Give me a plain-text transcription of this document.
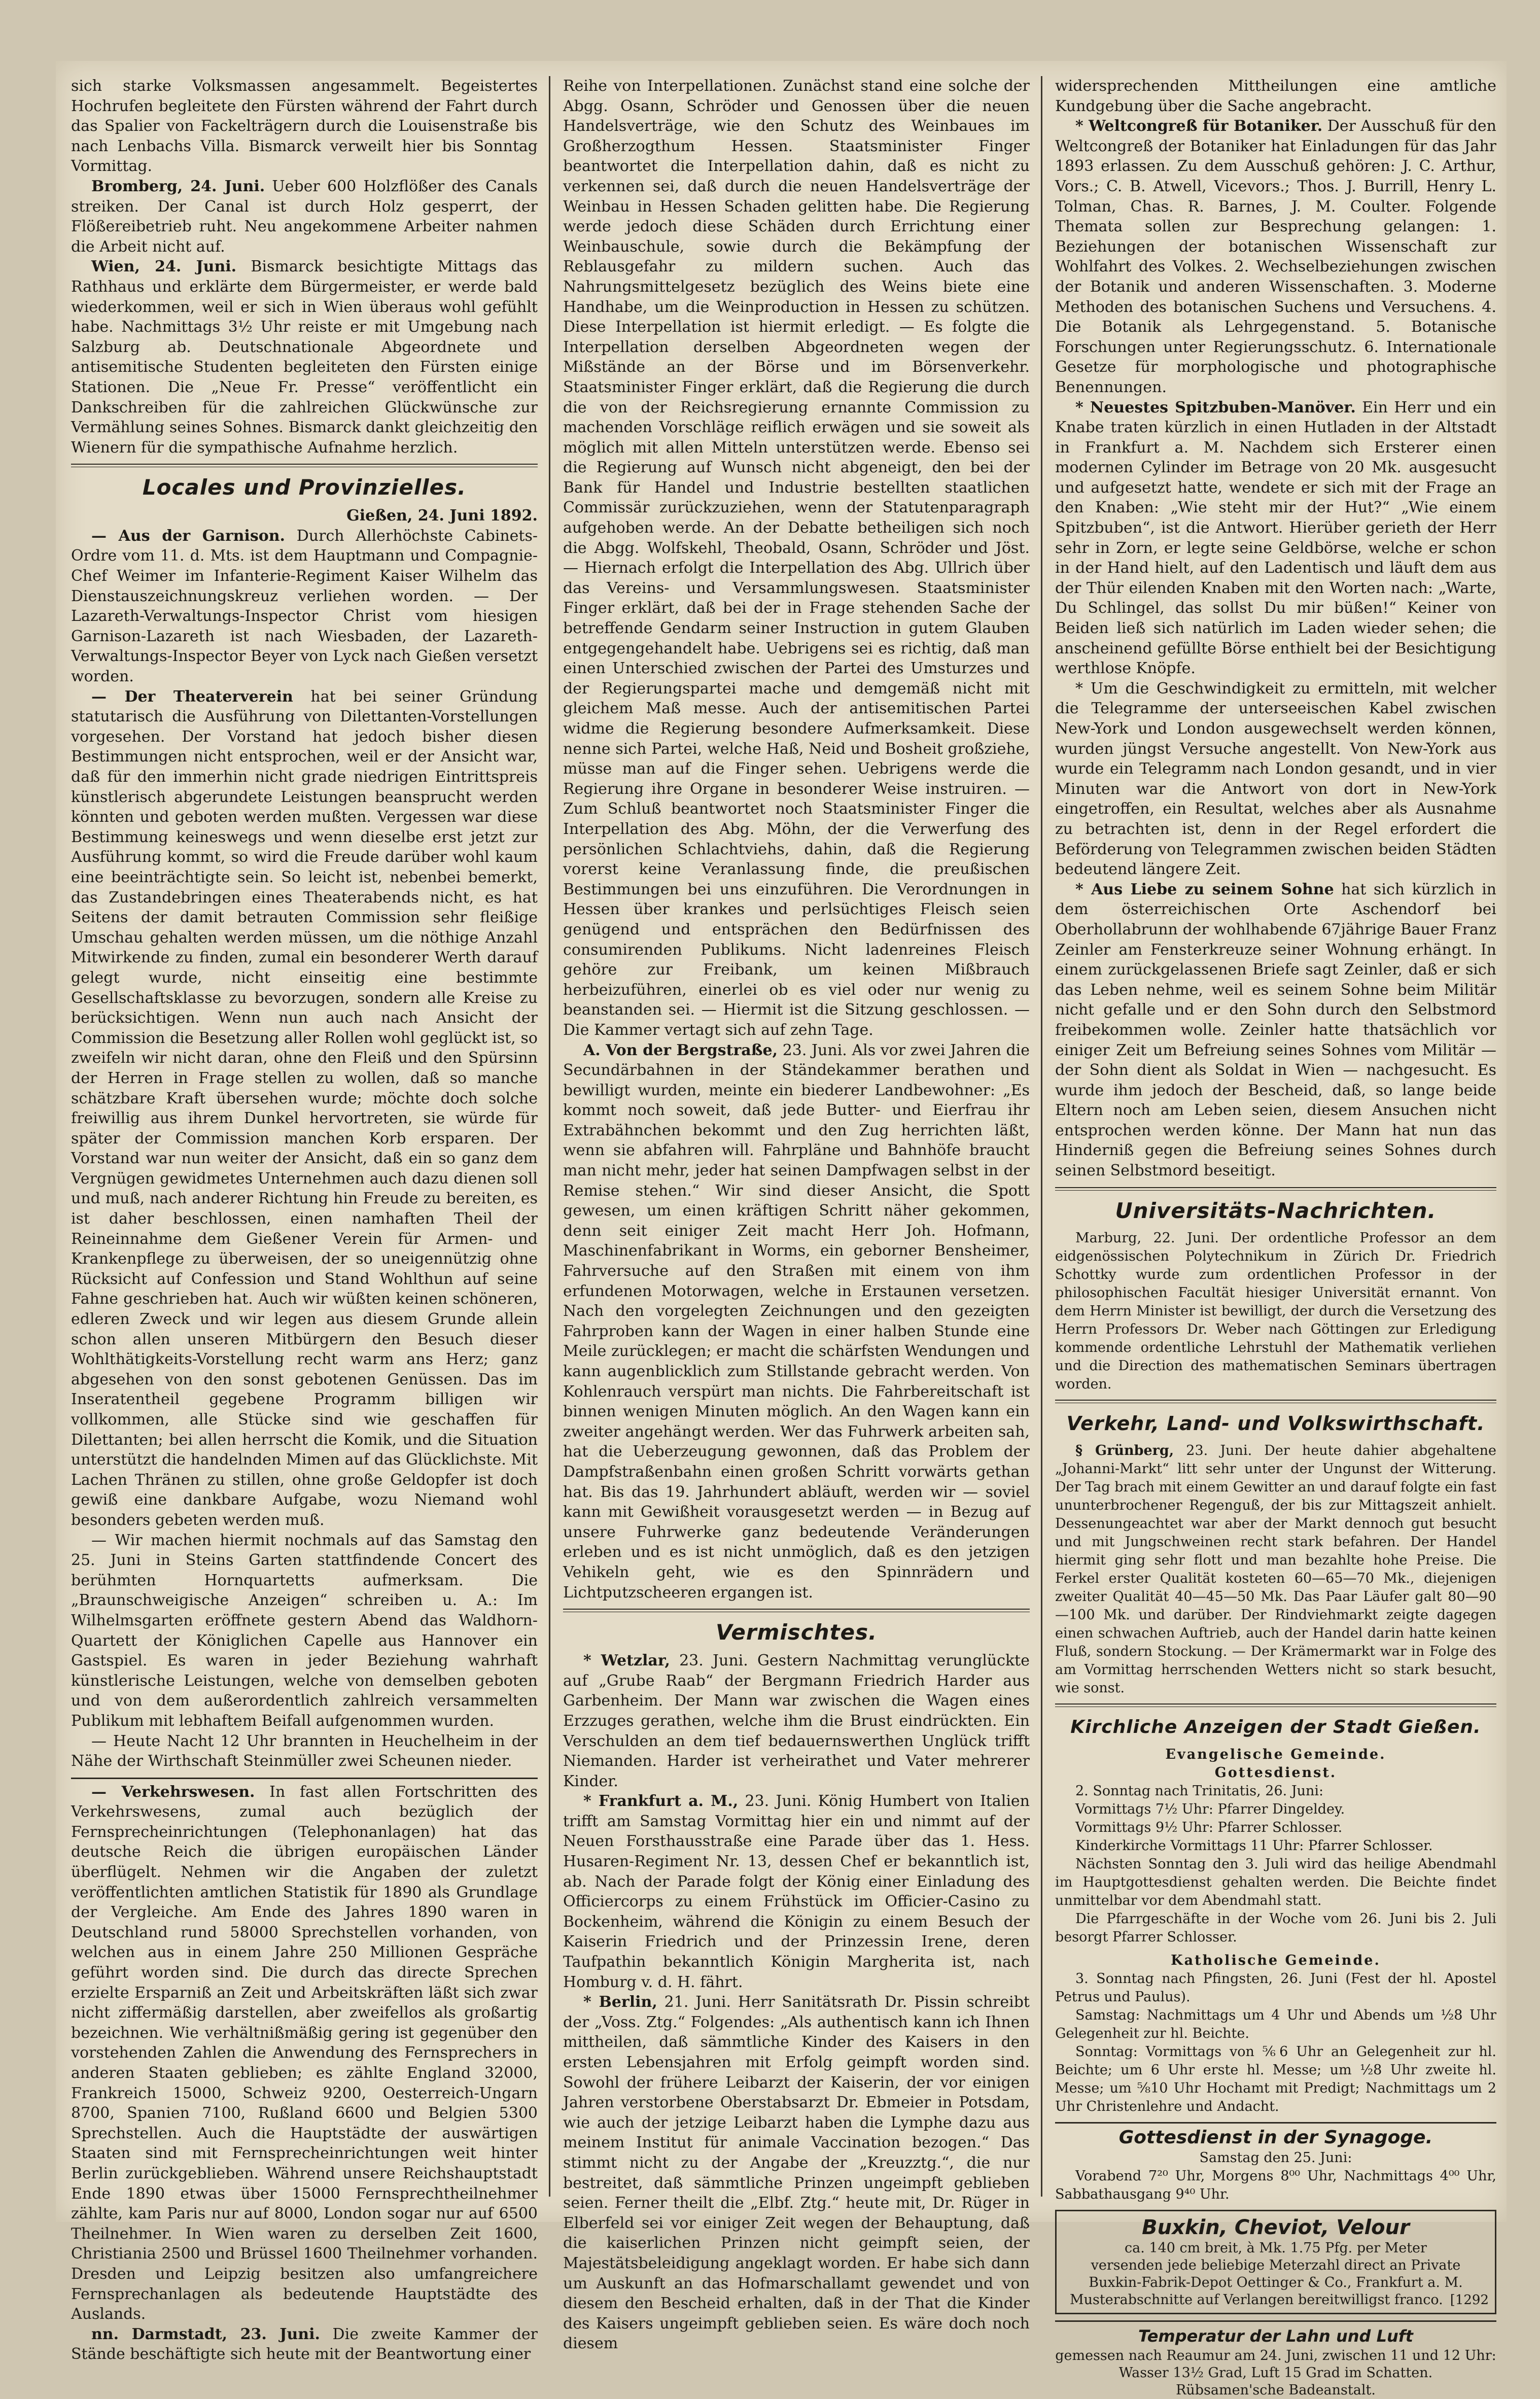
sich starke Volksmassen angesammelt. Begeistertes Hochrufen begleitete den Fürsten während der Fahrt durch das Spalier von Fackelträgern durch die Louisenstraße bis nach Lenbachs Villa. Bismarck verweilt hier bis Sonntag Vormittag.

Bromberg, 24. Juni. Ueber 600 Holzflößer des Canals streiken. Der Canal ist durch Holz gesperrt, der Flößereibetrieb ruht. Neu angekommene Arbeiter nahmen die Arbeit nicht auf.

Wien, 24. Juni. Bismarck besichtigte Mittags das Rathhaus und erklärte dem Bürgermeister, er werde bald wiederkommen, weil er sich in Wien überaus wohl gefühlt habe. Nachmittags 3½ Uhr reiste er mit Umgebung nach Salzburg ab. Deutschnationale Abgeordnete und antisemitische Studenten begleiteten den Fürsten einige Stationen. Die „Neue Fr. Presse“ veröffentlicht ein Dankschreiben für die zahlreichen Glückwünsche zur Vermählung seines Sohnes. Bismarck dankt gleichzeitig den Wienern für die sympathische Aufnahme herzlich.

Locales und Provinzielles.
Gießen, 24. Juni 1892.

— Aus der Garnison. Durch Allerhöchste Cabinets-Ordre vom 11. d. Mts. ist dem Hauptmann und Compagnie-Chef Weimer im Infanterie-Regiment Kaiser Wilhelm das Dienstauszeichnungskreuz verliehen worden. — Der Lazareth-Verwaltungs-Inspector Christ vom hiesigen Garnison-Lazareth ist nach Wiesbaden, der Lazareth-Verwaltungs-Inspector Beyer von Lyck nach Gießen versetzt worden.

— Der Theaterverein hat bei seiner Gründung statutarisch die Ausführung von Dilettanten-Vorstellungen vorgesehen. Der Vorstand hat jedoch bisher diesen Bestimmungen nicht entsprochen, weil er der Ansicht war, daß für den immerhin nicht grade niedrigen Eintrittspreis künstlerisch abgerundete Leistungen beansprucht werden könnten und geboten werden mußten. Vergessen war diese Bestimmung keineswegs und wenn dieselbe erst jetzt zur Ausführung kommt, so wird die Freude darüber wohl kaum eine beeinträchtigte sein. So leicht ist, nebenbei bemerkt, das Zustandebringen eines Theaterabends nicht, es hat Seitens der damit betrauten Commission sehr fleißige Umschau gehalten werden müssen, um die nöthige Anzahl Mitwirkende zu finden, zumal ein besonderer Werth darauf gelegt wurde, nicht einseitig eine bestimmte Gesellschaftsklasse zu bevorzugen, sondern alle Kreise zu berücksichtigen. Wenn nun auch nach Ansicht der Commission die Besetzung aller Rollen wohl geglückt ist, so zweifeln wir nicht daran, ohne den Fleiß und den Spürsinn der Herren in Frage stellen zu wollen, daß so manche schätzbare Kraft übersehen wurde; möchte doch solche freiwillig aus ihrem Dunkel hervortreten, sie würde für später der Commission manchen Korb ersparen. Der Vorstand war nun weiter der Ansicht, daß ein so ganz dem Vergnügen gewidmetes Unternehmen auch dazu dienen soll und muß, nach anderer Richtung hin Freude zu bereiten, es ist daher beschlossen, einen namhaften Theil der Reineinnahme dem Gießener Verein für Armen- und Krankenpflege zu überweisen, der so uneigennützig ohne Rücksicht auf Confession und Stand Wohlthun auf seine Fahne geschrieben hat. Auch wir wüßten keinen schöneren, edleren Zweck und wir legen aus diesem Grunde allein schon allen unseren Mitbürgern den Besuch dieser Wohlthätigkeits-Vorstellung recht warm ans Herz; ganz abgesehen von den sonst gebotenen Genüssen. Das im Inseratentheil gegebene Programm billigen wir vollkommen, alle Stücke sind wie geschaffen für Dilettanten; bei allen herrscht die Komik, und die Situation unterstützt die handelnden Mimen auf das Glücklichste. Mit Lachen Thränen zu stillen, ohne große Geldopfer ist doch gewiß eine dankbare Aufgabe, wozu Niemand wohl besonders gebeten werden muß.

— Wir machen hiermit nochmals auf das Samstag den 25. Juni in Steins Garten stattfindende Concert des berühmten Hornquartetts aufmerksam. Die „Braunschweigische Anzeigen“ schreiben u. A.: Im Wilhelmsgarten eröffnete gestern Abend das Waldhorn-Quartett der Königlichen Capelle aus Hannover ein Gastspiel. Es waren in jeder Beziehung wahrhaft künstlerische Leistungen, welche von demselben geboten und von dem außerordentlich zahlreich versammelten Publikum mit lebhaftem Beifall aufgenommen wurden.

— Heute Nacht 12 Uhr brannten in Heuchelheim in der Nähe der Wirthschaft Steinmüller zwei Scheunen nieder.

— Verkehrswesen. In fast allen Fortschritten des Verkehrswesens, zumal auch bezüglich der Fernsprecheinrichtungen (Telephonanlagen) hat das deutsche Reich die übrigen europäischen Länder überflügelt. Nehmen wir die Angaben der zuletzt veröffentlichten amtlichen Statistik für 1890 als Grundlage der Vergleiche. Am Ende des Jahres 1890 waren in Deutschland rund 58000 Sprechstellen vorhanden, von welchen aus in einem Jahre 250 Millionen Gespräche geführt worden sind. Die durch das directe Sprechen erzielte Ersparniß an Zeit und Arbeitskräften läßt sich zwar nicht ziffermäßig darstellen, aber zweifellos als großartig bezeichnen. Wie verhältnißmäßig gering ist gegenüber den vorstehenden Zahlen die Anwendung des Fernsprechers in anderen Staaten geblieben; es zählte England 32000, Frankreich 15000, Schweiz 9200, Oesterreich-Ungarn 8700, Spanien 7100, Rußland 6600 und Belgien 5300 Sprechstellen. Auch die Hauptstädte der auswärtigen Staaten sind mit Fernsprecheinrichtungen weit hinter Berlin zurückgeblieben. Während unsere Reichshauptstadt Ende 1890 etwas über 15000 Fernsprechtheilnehmer zählte, kam Paris nur auf 8000, London sogar nur auf 6500 Theilnehmer. In Wien waren zu derselben Zeit 1600, Christiania 2500 und Brüssel 1600 Theilnehmer vorhanden. Dresden und Leipzig besitzen also umfangreichere Fernsprechanlagen als bedeutende Hauptstädte des Auslands.

nn. Darmstadt, 23. Juni. Die zweite Kammer der Stände beschäftigte sich heute mit der Beantwortung einer

Reihe von Interpellationen. Zunächst stand eine solche der Abgg. Osann, Schröder und Genossen über die neuen Handelsverträge, wie den Schutz des Weinbaues im Großherzogthum Hessen. Staatsminister Finger beantwortet die Interpellation dahin, daß es nicht zu verkennen sei, daß durch die neuen Handelsverträge der Weinbau in Hessen Schaden gelitten habe. Die Regierung werde jedoch diese Schäden durch Errichtung einer Weinbauschule, sowie durch die Bekämpfung der Reblausgefahr zu mildern suchen. Auch das Nahrungsmittelgesetz bezüglich des Weins biete eine Handhabe, um die Weinproduction in Hessen zu schützen. Diese Interpellation ist hiermit erledigt. — Es folgte die Interpellation derselben Abgeordneten wegen der Mißstände an der Börse und im Börsenverkehr. Staatsminister Finger erklärt, daß die Regierung die durch die von der Reichsregierung ernannte Commission zu machenden Vorschläge reiflich erwägen und sie soweit als möglich mit allen Mitteln unterstützen werde. Ebenso sei die Regierung auf Wunsch nicht abgeneigt, den bei der Bank für Handel und Industrie bestellten staatlichen Commissär zurückzuziehen, wenn der Statutenparagraph aufgehoben werde. An der Debatte betheiligen sich noch die Abgg. Wolfskehl, Theobald, Osann, Schröder und Jöst. — Hiernach erfolgt die Interpellation des Abg. Ullrich über das Vereins- und Versammlungswesen. Staatsminister Finger erklärt, daß bei der in Frage stehenden Sache der betreffende Gendarm seiner Instruction in gutem Glauben entgegengehandelt habe. Uebrigens sei es richtig, daß man einen Unterschied zwischen der Partei des Umsturzes und der Regierungspartei mache und demgemäß nicht mit gleichem Maß messe. Auch der antisemitischen Partei widme die Regierung besondere Aufmerksamkeit. Diese nenne sich Partei, welche Haß, Neid und Bosheit großziehe, müsse man auf die Finger sehen. Uebrigens werde die Regierung ihre Organe in besonderer Weise instruiren. — Zum Schluß beantwortet noch Staatsminister Finger die Interpellation des Abg. Möhn, der die Verwerfung des persönlichen Schlachtviehs, dahin, daß die Regierung vorerst keine Veranlassung finde, die preußischen Bestimmungen bei uns einzuführen. Die Verordnungen in Hessen über krankes und perlsüchtiges Fleisch seien genügend und entsprächen den Bedürfnissen des consumirenden Publikums. Nicht ladenreines Fleisch gehöre zur Freibank, um keinen Mißbrauch herbeizuführen, einerlei ob es viel oder nur wenig zu beanstanden sei. — Hiermit ist die Sitzung geschlossen. — Die Kammer vertagt sich auf zehn Tage.

A. Von der Bergstraße, 23. Juni. Als vor zwei Jahren die Secundärbahnen in der Ständekammer berathen und bewilligt wurden, meinte ein biederer Landbewohner: „Es kommt noch soweit, daß jede Butter- und Eierfrau ihr Extrabähnchen bekommt und den Zug herrichten läßt, wenn sie abfahren will. Fahrpläne und Bahnhöfe braucht man nicht mehr, jeder hat seinen Dampfwagen selbst in der Remise stehen.“ Wir sind dieser Ansicht, die Spott gewesen, um einen kräftigen Schritt näher gekommen, denn seit einiger Zeit macht Herr Joh. Hofmann, Maschinenfabrikant in Worms, ein geborner Bensheimer, Fahrversuche auf den Straßen mit einem von ihm erfundenen Motorwagen, welche in Erstaunen versetzen. Nach den vorgelegten Zeichnungen und den gezeigten Fahrproben kann der Wagen in einer halben Stunde eine Meile zurücklegen; er macht die schärfsten Wendungen und kann augenblicklich zum Stillstande gebracht werden. Von Kohlenrauch verspürt man nichts. Die Fahrbereitschaft ist binnen wenigen Minuten möglich. An den Wagen kann ein zweiter angehängt werden. Wer das Fuhrwerk arbeiten sah, hat die Ueberzeugung gewonnen, daß das Problem der Dampfstraßenbahn einen großen Schritt vorwärts gethan hat. Bis das 19. Jahrhundert abläuft, werden wir — soviel kann mit Gewißheit vorausgesetzt werden — in Bezug auf unsere Fuhrwerke ganz bedeutende Veränderungen erleben und es ist nicht unmöglich, daß es den jetzigen Vehikeln geht, wie es den Spinnrädern und Lichtputzscheeren ergangen ist.

Vermischtes.

* Wetzlar, 23. Juni. Gestern Nachmittag verunglückte auf „Grube Raab“ der Bergmann Friedrich Harder aus Garbenheim. Der Mann war zwischen die Wagen eines Erzzuges gerathen, welche ihm die Brust eindrückten. Ein Verschulden an dem tief bedauernswerthen Unglück trifft Niemanden. Harder ist verheirathet und Vater mehrerer Kinder.

* Frankfurt a. M., 23. Juni. König Humbert von Italien trifft am Samstag Vormittag hier ein und nimmt auf der Neuen Forsthausstraße eine Parade über das 1. Hess. Husaren-Regiment Nr. 13, dessen Chef er bekanntlich ist, ab. Nach der Parade folgt der König einer Einladung des Officiercorps zu einem Frühstück im Officier-Casino zu Bockenheim, während die Königin zu einem Besuch der Kaiserin Friedrich und der Prinzessin Irene, deren Taufpathin bekanntlich Königin Margherita ist, nach Homburg v. d. H. fährt.

* Berlin, 21. Juni. Herr Sanitätsrath Dr. Pissin schreibt der „Voss. Ztg.“ Folgendes: „Als authentisch kann ich Ihnen mittheilen, daß sämmtliche Kinder des Kaisers in den ersten Lebensjahren mit Erfolg geimpft worden sind. Sowohl der frühere Leibarzt der Kaiserin, der vor einigen Jahren verstorbene Oberstabsarzt Dr. Ebmeier in Potsdam, wie auch der jetzige Leibarzt haben die Lymphe dazu aus meinem Institut für animale Vaccination bezogen.“ Das stimmt nicht zu der Angabe der „Kreuzztg.“, die nur bestreitet, daß sämmtliche Prinzen ungeimpft geblieben seien. Ferner theilt die „Elbf. Ztg.“ heute mit, Dr. Rüger in Elberfeld sei vor einiger Zeit wegen der Behauptung, daß die kaiserlichen Prinzen nicht geimpft seien, der Majestätsbeleidigung angeklagt worden. Er habe sich dann um Auskunft an das Hofmarschallamt gewendet und von diesem den Bescheid erhalten, daß in der That die Kinder des Kaisers ungeimpft geblieben seien. Es wäre doch noch diesem

widersprechenden Mittheilungen eine amtliche Kundgebung über die Sache angebracht.

* Weltcongreß für Botaniker. Der Ausschuß für den Weltcongreß der Botaniker hat Einladungen für das Jahr 1893 erlassen. Zu dem Ausschuß gehören: J. C. Arthur, Vors.; C. B. Atwell, Vicevors.; Thos. J. Burrill, Henry L. Tolman, Chas. R. Barnes, J. M. Coulter. Folgende Themata sollen zur Besprechung gelangen: 1. Beziehungen der botanischen Wissenschaft zur Wohlfahrt des Volkes. 2. Wechselbeziehungen zwischen der Botanik und anderen Wissenschaften. 3. Moderne Methoden des botanischen Suchens und Versuchens. 4. Die Botanik als Lehrgegenstand. 5. Botanische Forschungen unter Regierungsschutz. 6. Internationale Gesetze für morphologische und photographische Benennungen.

* Neuestes Spitzbuben-Manöver. Ein Herr und ein Knabe traten kürzlich in einen Hutladen in der Altstadt in Frankfurt a. M. Nachdem sich Ersterer einen modernen Cylinder im Betrage von 20 Mk. ausgesucht und aufgesetzt hatte, wendete er sich mit der Frage an den Knaben: „Wie steht mir der Hut?“ „Wie einem Spitzbuben“, ist die Antwort. Hierüber gerieth der Herr sehr in Zorn, er legte seine Geldbörse, welche er schon in der Hand hielt, auf den Ladentisch und läuft dem aus der Thür eilenden Knaben mit den Worten nach: „Warte, Du Schlingel, das sollst Du mir büßen!“ Keiner von Beiden ließ sich natürlich im Laden wieder sehen; die anscheinend gefüllte Börse enthielt bei der Besichtigung werthlose Knöpfe.

* Um die Geschwindigkeit zu ermitteln, mit welcher die Telegramme der unterseeischen Kabel zwischen New-York und London ausgewechselt werden können, wurden jüngst Versuche angestellt. Von New-York aus wurde ein Telegramm nach London gesandt, und in vier Minuten war die Antwort von dort in New-York eingetroffen, ein Resultat, welches aber als Ausnahme zu betrachten ist, denn in der Regel erfordert die Beförderung von Telegrammen zwischen beiden Städten bedeutend längere Zeit.

* Aus Liebe zu seinem Sohne hat sich kürzlich in dem österreichischen Orte Aschendorf bei Oberhollabrunn der wohlhabende 67jährige Bauer Franz Zeinler am Fensterkreuze seiner Wohnung erhängt. In einem zurückgelassenen Briefe sagt Zeinler, daß er sich das Leben nehme, weil es seinem Sohne beim Militär nicht gefalle und er den Sohn durch den Selbstmord freibekommen wolle. Zeinler hatte thatsächlich vor einiger Zeit um Befreiung seines Sohnes vom Militär — der Sohn dient als Soldat in Wien — nachgesucht. Es wurde ihm jedoch der Bescheid, daß, so lange beide Eltern noch am Leben seien, diesem Ansuchen nicht entsprochen werden könne. Der Mann hat nun das Hinderniß gegen die Befreiung seines Sohnes durch seinen Selbstmord beseitigt.

Universitäts-Nachrichten.

Marburg, 22. Juni. Der ordentliche Professor an dem eidgenössischen Polytechnikum in Zürich Dr. Friedrich Schottky wurde zum ordentlichen Professor in der philosophischen Facultät hiesiger Universität ernannt. Von dem Herrn Minister ist bewilligt, der durch die Versetzung des Herrn Professors Dr. Weber nach Göttingen zur Erledigung kommende ordentliche Lehrstuhl der Mathematik verliehen und die Direction des mathematischen Seminars übertragen worden.

Verkehr, Land- und Volkswirthschaft.

§ Grünberg, 23. Juni. Der heute dahier abgehaltene „Johanni-Markt“ litt sehr unter der Ungunst der Witterung. Der Tag brach mit einem Gewitter an und darauf folgte ein fast ununterbrochener Regenguß, der bis zur Mittagszeit anhielt. Dessenungeachtet war aber der Markt dennoch gut besucht und mit Jungschweinen recht stark befahren. Der Handel hiermit ging sehr flott und man bezahlte hohe Preise. Die Ferkel erster Qualität kosteten 60—65—70 Mk., diejenigen zweiter Qualität 40—45—50 Mk. Das Paar Läufer galt 80—90—100 Mk. und darüber. Der Rindviehmarkt zeigte dagegen einen schwachen Auftrieb, auch der Handel darin hatte keinen Fluß, sondern Stockung. — Der Krämermarkt war in Folge des am Vormittag herrschenden Wetters nicht so stark besucht, wie sonst.

Kirchliche Anzeigen der Stadt Gießen.

Evangelische Gemeinde.

Gottesdienst.

2. Sonntag nach Trinitatis, 26. Juni:

Vormittags 7½ Uhr: Pfarrer Dingeldey.

Vormittags 9½ Uhr: Pfarrer Schlosser.

Kinderkirche Vormittags 11 Uhr: Pfarrer Schlosser.

Nächsten Sonntag den 3. Juli wird das heilige Abendmahl im Hauptgottesdienst gehalten werden. Die Beichte findet unmittelbar vor dem Abendmahl statt.

Die Pfarrgeschäfte in der Woche vom 26. Juni bis 2. Juli besorgt Pfarrer Schlosser.

Katholische Gemeinde.

3. Sonntag nach Pfingsten, 26. Juni (Fest der hl. Apostel Petrus und Paulus).

Samstag: Nachmittags um 4 Uhr und Abends um ½8 Uhr Gelegenheit zur hl. Beichte.

Sonntag: Vormittags von ⅚6 Uhr an Gelegenheit zur hl. Beichte; um 6 Uhr erste hl. Messe; um ½8 Uhr zweite hl. Messe; um ⅝10 Uhr Hochamt mit Predigt; Nachmittags um 2 Uhr Christenlehre und Andacht.

Gottesdienst in der Synagoge.

Samstag den 25. Juni:

Vorabend 7²⁰ Uhr, Morgens 8⁰⁰ Uhr, Nachmittags 4⁰⁰ Uhr, Sabbathausgang 9⁴⁰ Uhr.

Buxkin, Cheviot, Velour

ca. 140 cm breit, à Mk. 1.75 Pfg. per Meter

versenden jede beliebige Meterzahl direct an Private

Buxkin-Fabrik-Depot Oettinger & Co., Frankfurt a. M.

Musterabschnitte auf Verlangen bereitwilligst franco. [1292

Temperatur der Lahn und Luft

gemessen nach Reaumur am 24. Juni, zwischen 11 und 12 Uhr:

Wasser 13½ Grad, Luft 15 Grad im Schatten.

Rübsamen'sche Badeanstalt.
